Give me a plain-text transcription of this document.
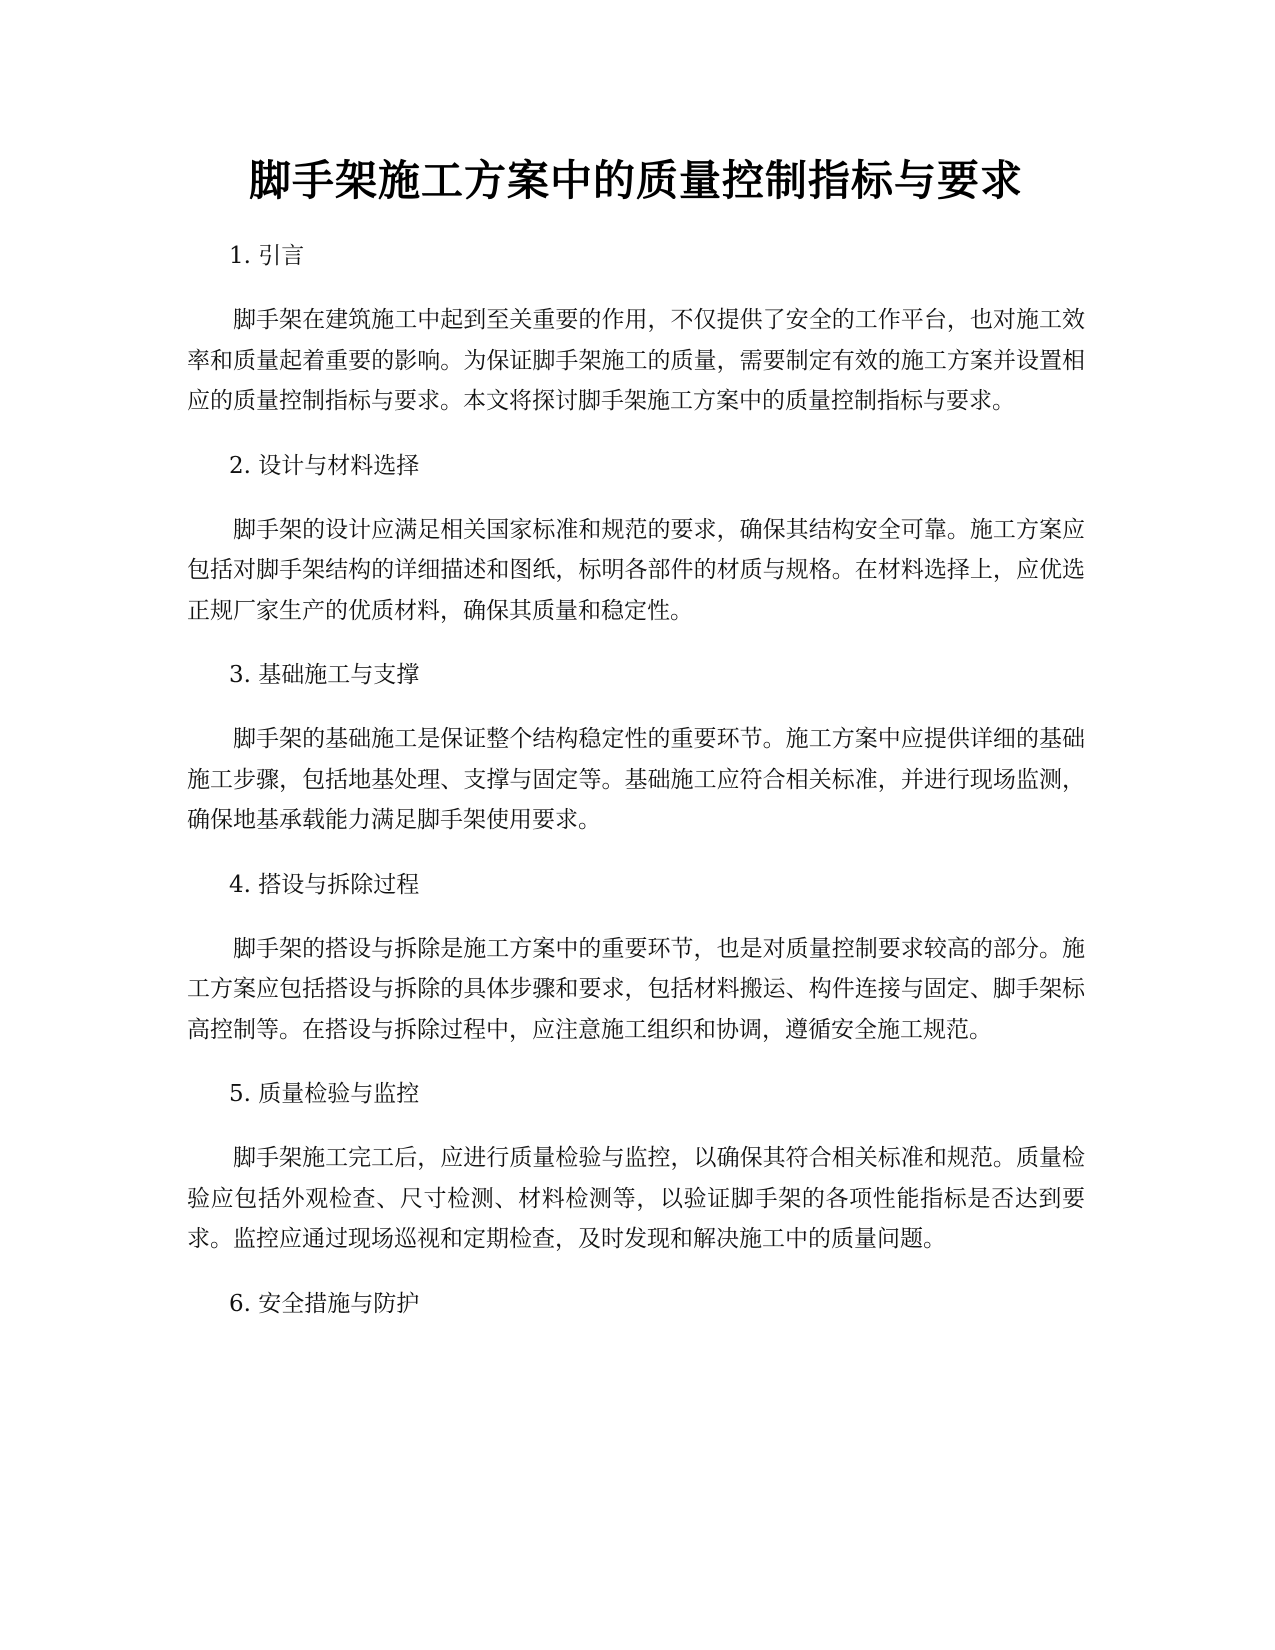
脚手架施工方案中的质量控制指标与要求

1. 引言

脚手架在建筑施工中起到至关重要的作用，不仅提供了安全的工作平台，也对施工效率和质量起着重要的影响。为保证脚手架施工的质量，需要制定有效的施工方案并设置相应的质量控制指标与要求。本文将探讨脚手架施工方案中的质量控制指标与要求。

2. 设计与材料选择

脚手架的设计应满足相关国家标准和规范的要求，确保其结构安全可靠。施工方案应包括对脚手架结构的详细描述和图纸，标明各部件的材质与规格。在材料选择上，应优选正规厂家生产的优质材料，确保其质量和稳定性。

3. 基础施工与支撑

脚手架的基础施工是保证整个结构稳定性的重要环节。施工方案中应提供详细的基础施工步骤，包括地基处理、支撑与固定等。基础施工应符合相关标准，并进行现场监测，确保地基承载能力满足脚手架使用要求。

4. 搭设与拆除过程

脚手架的搭设与拆除是施工方案中的重要环节，也是对质量控制要求较高的部分。施工方案应包括搭设与拆除的具体步骤和要求，包括材料搬运、构件连接与固定、脚手架标高控制等。在搭设与拆除过程中，应注意施工组织和协调，遵循安全施工规范。

5. 质量检验与监控

脚手架施工完工后，应进行质量检验与监控，以确保其符合相关标准和规范。质量检验应包括外观检查、尺寸检测、材料检测等，以验证脚手架的各项性能指标是否达到要求。监控应通过现场巡视和定期检查，及时发现和解决施工中的质量问题。

6. 安全措施与防护
